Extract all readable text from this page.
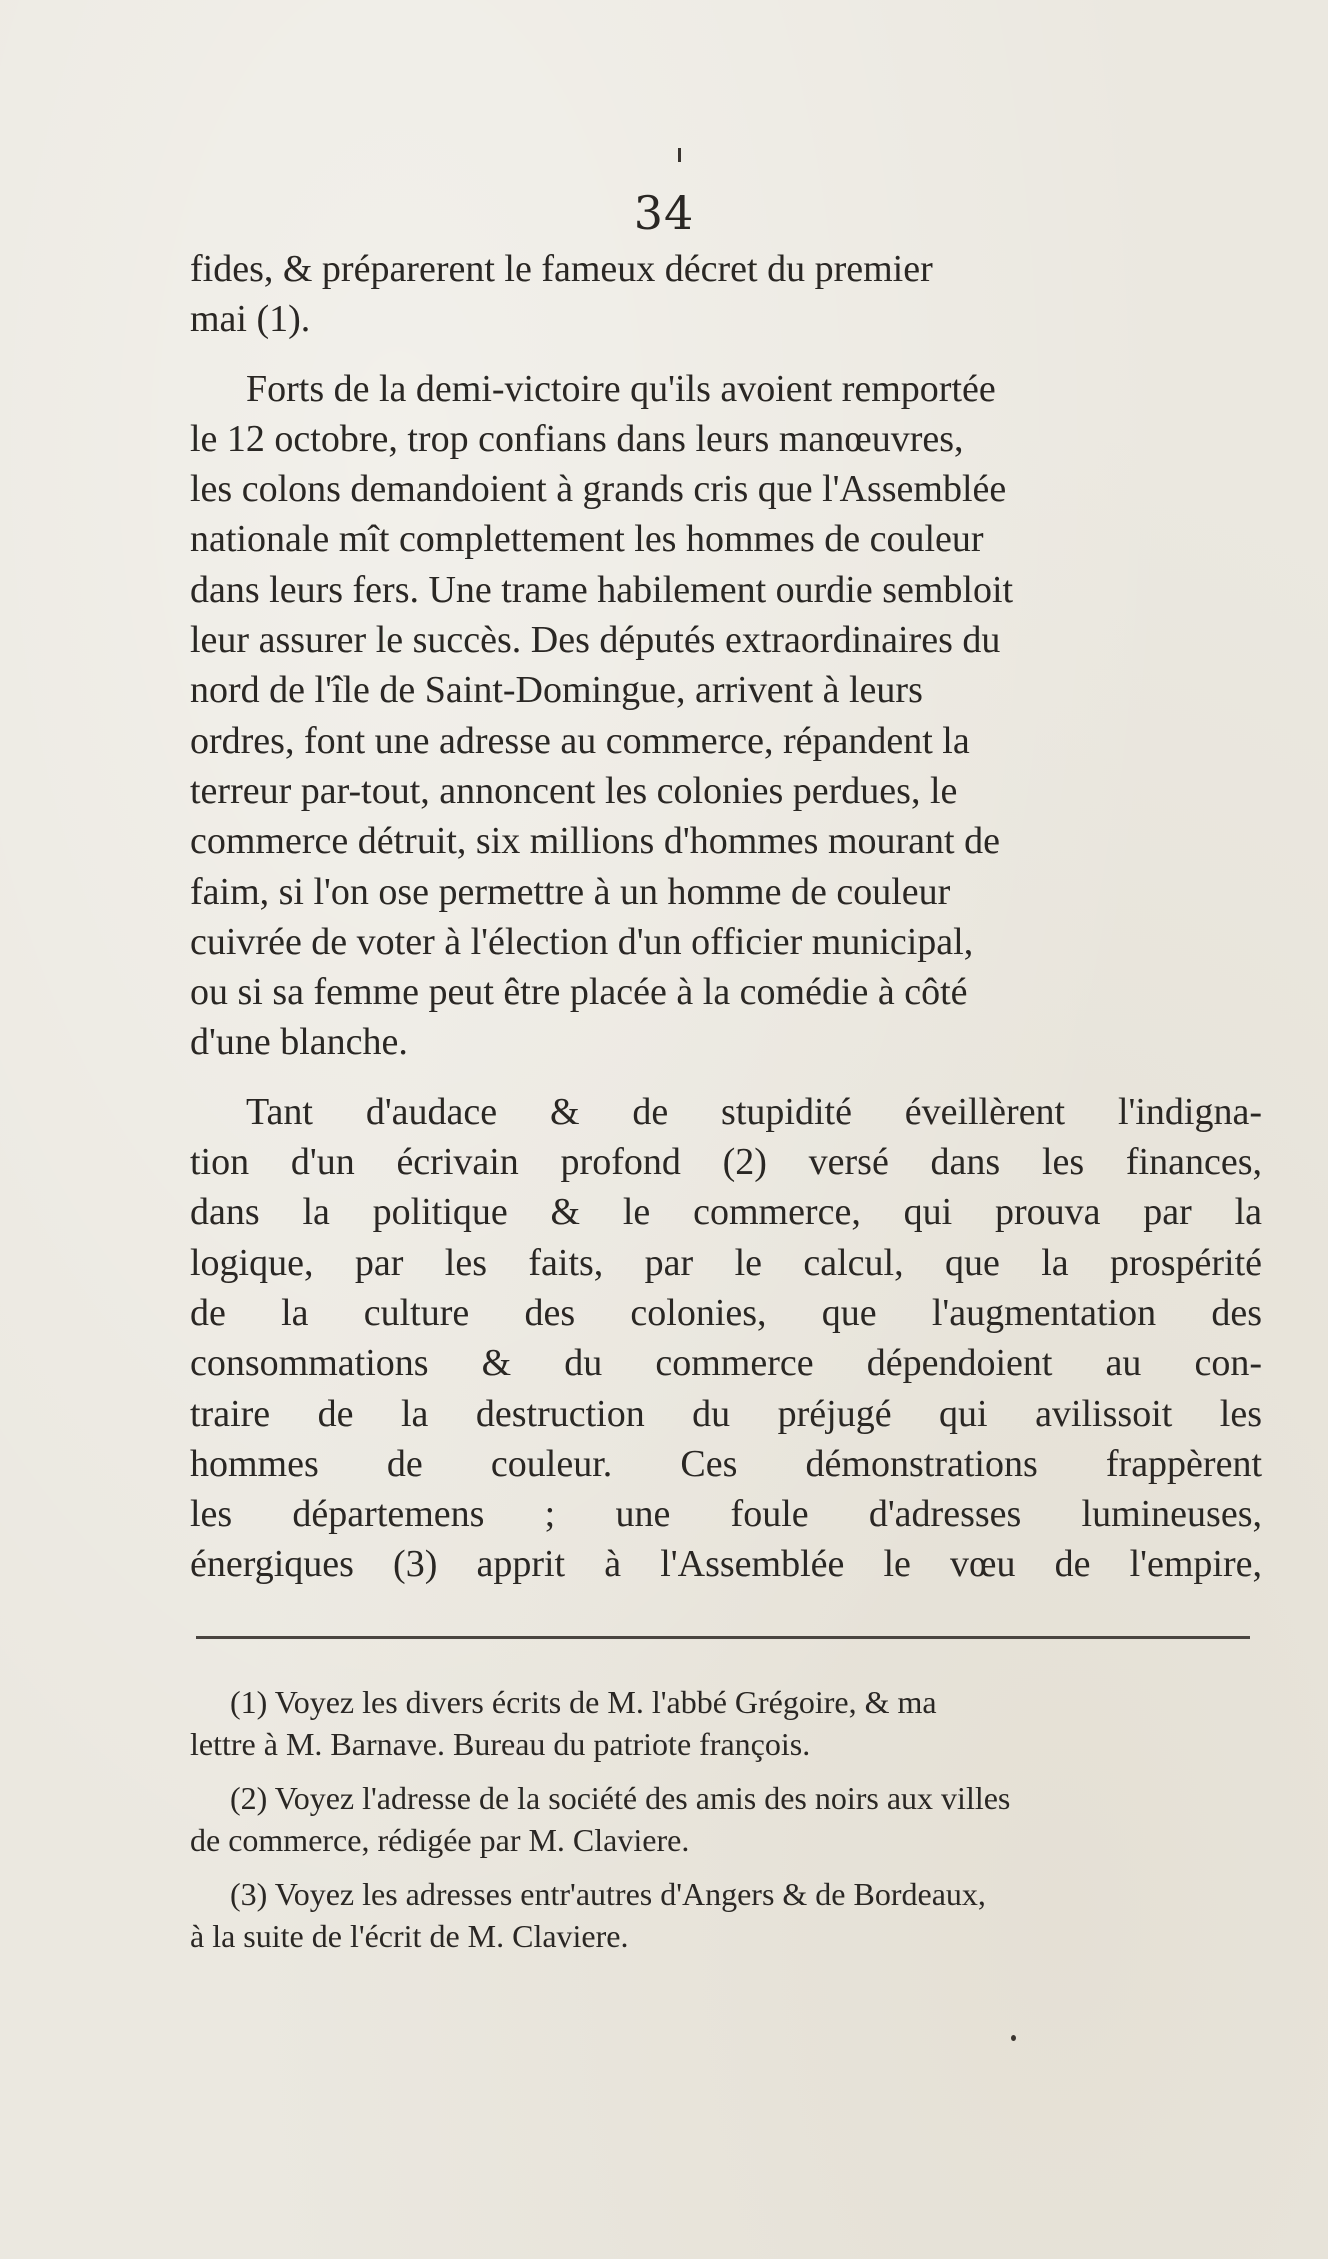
34

fides, & préparerent le fameux décret du premier
mai (1).

Forts de la demi-victoire qu'ils avoient remportée
le 12 octobre, trop confians dans leurs manœuvres,
les colons demandoient à grands cris que l'Assemblée
nationale mît complettement les hommes de couleur
dans leurs fers. Une trame habilement ourdie sembloit
leur assurer le succès. Des députés extraordinaires du
nord de l'île de Saint-Domingue, arrivent à leurs
ordres, font une adresse au commerce, répandent la
terreur par-tout, annoncent les colonies perdues, le
commerce détruit, six millions d'hommes mourant de
faim, si l'on ose permettre à un homme de couleur
cuivrée de voter à l'élection d'un officier municipal,
ou si sa femme peut être placée à la comédie à côté
d'une blanche.

Tant d'audace & de stupidité éveillèrent l'indigna-
tion d'un écrivain profond (2) versé dans les finances,
dans la politique & le commerce, qui prouva par la
logique, par les faits, par le calcul, que la prospérité
de la culture des colonies, que l'augmentation des
consommations & du commerce dépendoient au con-
traire de la destruction du préjugé qui avilissoit les
hommes de couleur. Ces démonstrations frappèrent
les départemens ; une foule d'adresses lumineuses,
énergiques (3) apprit à l'Assemblée le vœu de l'empire,

(1) Voyez les divers écrits de M. l'abbé Grégoire, & ma
lettre à M. Barnave. Bureau du patriote françois.

(2) Voyez l'adresse de la société des amis des noirs aux villes
de commerce, rédigée par M. Claviere.

(3) Voyez les adresses entr'autres d'Angers & de Bordeaux,
à la suite de l'écrit de M. Claviere.
